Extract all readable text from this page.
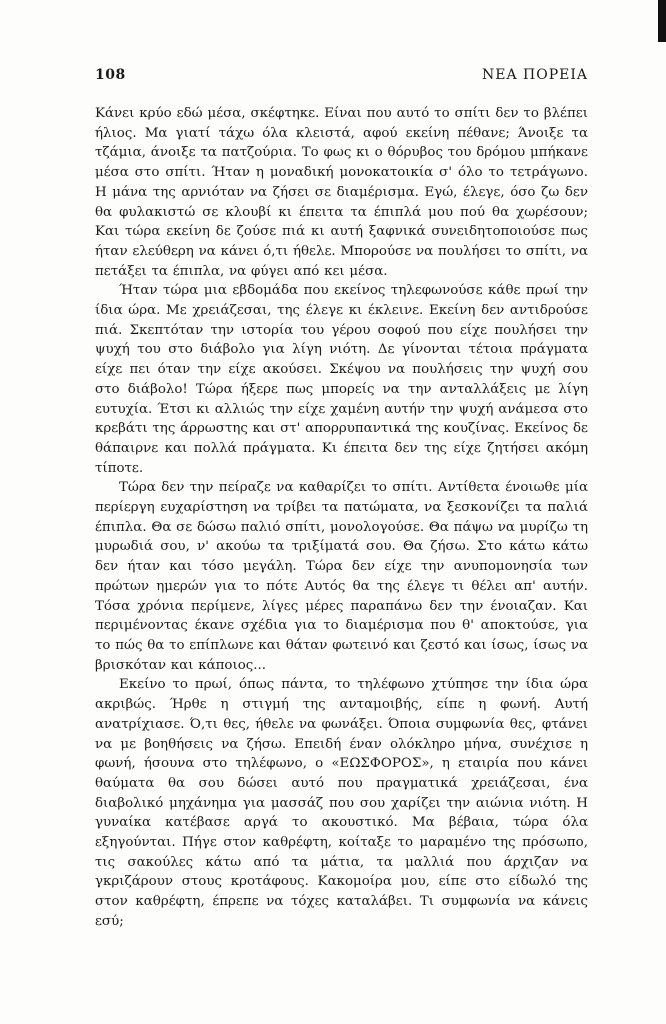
108	ΝΕΑ ΠΟΡΕΙΑ

Κάνει κρύο εδώ μέσα, σκέφτηκε. Είναι που αυτό το σπίτι δεν το βλέπει ήλιος. Μα γιατί τάχω όλα κλειστά, αφού εκείνη πέθανε; Άνοιξε τα τζάμια, άνοιξε τα πατζούρια. Το φως κι ο θόρυβος του δρόμου μπήκανε μέσα στο σπίτι. Ήταν η μοναδική μονοκατοικία σ' όλο το τετράγωνο. Η μάνα της αρνιόταν να ζήσει σε διαμέρισμα. Εγώ, έλεγε, όσο ζω δεν θα φυλακιστώ σε κλουβί κι έπειτα τα έπιπλά μου πού θα χωρέσουν; Και τώρα εκείνη δε ζούσε πιά κι αυτή ξαφνικά συνειδητοποιούσε πως ήταν ελεύθερη να κάνει ό,τι ήθελε. Μπορούσε να πουλήσει το σπίτι, να πετάξει τα έπιπλα, να φύγει από κει μέσα.

Ήταν τώρα μια εβδομάδα που εκείνος τηλεφωνούσε κάθε πρωί την ίδια ώρα. Με χρειάζεσαι, της έλεγε κι έκλεινε. Εκείνη δεν αντιδρούσε πιά. Σκεπτόταν την ιστορία του γέρου σοφού που είχε πουλήσει την ψυχή του στο διάβολο για λίγη νιότη. Δε γίνονται τέτοια πράγματα είχε πει όταν την είχε ακούσει. Σκέψου να πουλήσεις την ψυχή σου στο διάβολο! Τώρα ήξερε πως μπορείς να την ανταλλάξεις με λίγη ευτυχία. Έτσι κι αλλιώς την είχε χαμένη αυτήν την ψυχή ανάμεσα στο κρεβάτι της άρρωστης και στ' απορρυπαντικά της κουζίνας. Εκείνος δε θάπαιρνε και πολλά πράγματα. Κι έπειτα δεν της είχε ζητήσει ακόμη τίποτε.

Τώρα δεν την πείραζε να καθαρίζει το σπίτι. Αντίθετα ένοιωθε μία περίεργη ευχαρίστηση να τρίβει τα πατώματα, να ξεσκονίζει τα παλιά έπιπλα. Θα σε δώσω παλιό σπίτι, μονολογούσε. Θα πάψω να μυρίζω τη μυρωδιά σου, ν' ακούω τα τριξίματά σου. Θα ζήσω. Στο κάτω κάτω δεν ήταν και τόσο μεγάλη. Τώρα δεν είχε την ανυπομονησία των πρώτων ημερών για το πότε Αυτός θα της έλεγε τι θέλει απ' αυτήν. Τόσα χρόνια περίμενε, λίγες μέρες παραπάνω δεν την ένοιαζαν. Και περιμένοντας έκανε σχέδια για το διαμέρισμα που θ' αποκτούσε, για το πώς θα το επίπλωνε και θάταν φωτεινό και ζεστό και ίσως, ίσως να βρισκόταν και κάποιος...

Εκείνο το πρωί, όπως πάντα, το τηλέφωνο χτύπησε την ίδια ώρα ακριβώς. Ήρθε η στιγμή της ανταμοιβής, είπε η φωνή. Αυτή ανατρίχιασε. Ό,τι θες, ήθελε να φωνάξει. Όποια συμφωνία θες, φτάνει να με βοηθήσεις να ζήσω. Επειδή έναν ολόκληρο μήνα, συνέχισε η φωνή, ήσουνα στο τηλέφωνο, ο «ΕΩΣΦΟΡΟΣ», η εταιρία που κάνει θαύματα θα σου δώσει αυτό που πραγματικά χρειάζεσαι, ένα διαβολικό μηχάνημα για μασσάζ που σου χαρίζει την αιώνια νιότη. Η γυναίκα κατέβασε αργά το ακουστικό. Μα βέβαια, τώρα όλα εξηγούνται. Πήγε στον καθρέφτη, κοίταξε το μαραμένο της πρόσωπο, τις σακούλες κάτω από τα μάτια, τα μαλλιά που άρχιζαν να γκριζάρουν στους κροτάφους. Κακομοίρα μου, είπε στο είδωλό της στον καθρέφτη, έπρεπε να τόχες καταλάβει. Τι συμφωνία να κάνεις εσύ;
